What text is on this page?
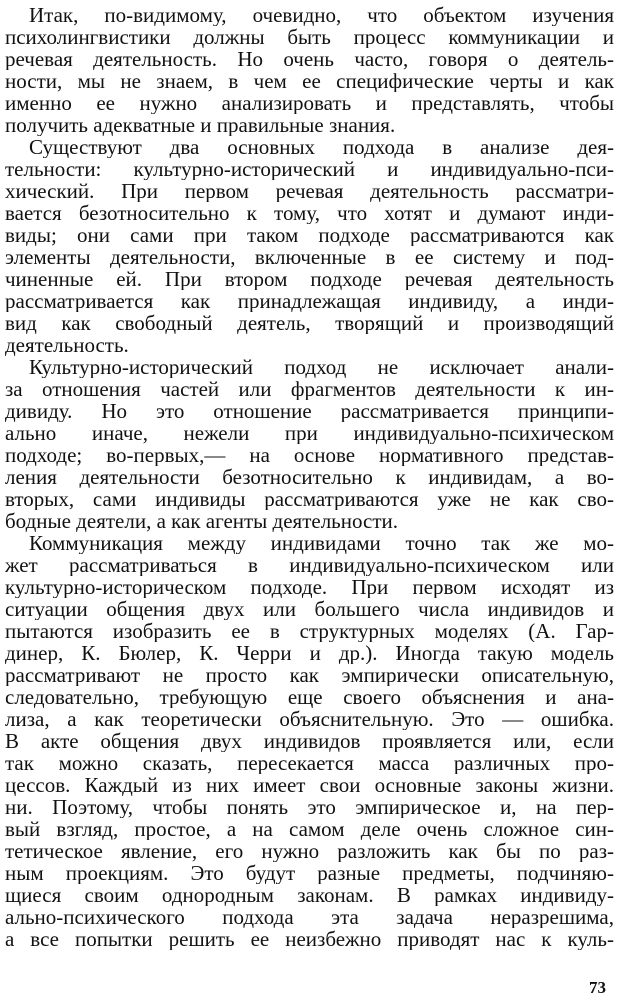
Итак, по-видимому, очевидно, что объектом изучения
психолингвистики должны быть процесс коммуникации и
речевая деятельность. Но очень часто, говоря о деятель-
ности, мы не знаем, в чем ее специфические черты и как
именно ее нужно анализировать и представлять, чтобы
получить адекватные и правильные знания.
Существуют два основных подхода в анализе дея-
тельности: культурно-исторический и индивидуально-пси-
хический. При первом речевая деятельность рассматри-
вается безотносительно к тому, что хотят и думают инди-
виды; они сами при таком подходе рассматриваются как
элементы деятельности, включенные в ее систему и под-
чиненные ей. При втором подходе речевая деятельность
рассматривается как принадлежащая индивиду, а инди-
вид как свободный деятель, творящий и производящий
деятельность.
Культурно-исторический подход не исключает анали-
за отношения частей или фрагментов деятельности к ин-
дивиду. Но это отношение рассматривается принципи-
ально иначе, нежели при индивидуально-психическом
подходе; во-первых,— на основе нормативного представ-
ления деятельности безотносительно к индивидам, а во-
вторых, сами индивиды рассматриваются уже не как сво-
бодные деятели, а как агенты деятельности.
Коммуникация между индивидами точно так же мо-
жет рассматриваться в индивидуально-психическом или
культурно-историческом подходе. При первом исходят из
ситуации общения двух или большего числа индивидов и
пытаются изобразить ее в структурных моделях (А. Гар-
динер, К. Бюлер, К. Черри и др.). Иногда такую модель
рассматривают не просто как эмпирически описательную,
следовательно, требующую еще своего объяснения и ана-
лиза, а как теоретически объяснительную. Это — ошибка.
В акте общения двух индивидов проявляется или, если
так можно сказать, пересекается масса различных про-
цессов. Каждый из них имеет свои основные законы жизни.
ни. Поэтому, чтобы понять это эмпирическое и, на пер-
вый взгляд, простое, а на самом деле очень сложное син-
тетическое явление, его нужно разложить как бы по раз-
ным проекциям. Это будут разные предметы, подчиняю-
щиеся своим однородным законам. В рамках индивиду-
ально-психического подхода эта задача неразрешима,
а все попытки решить ее неизбежно приводят нас к куль-
73
